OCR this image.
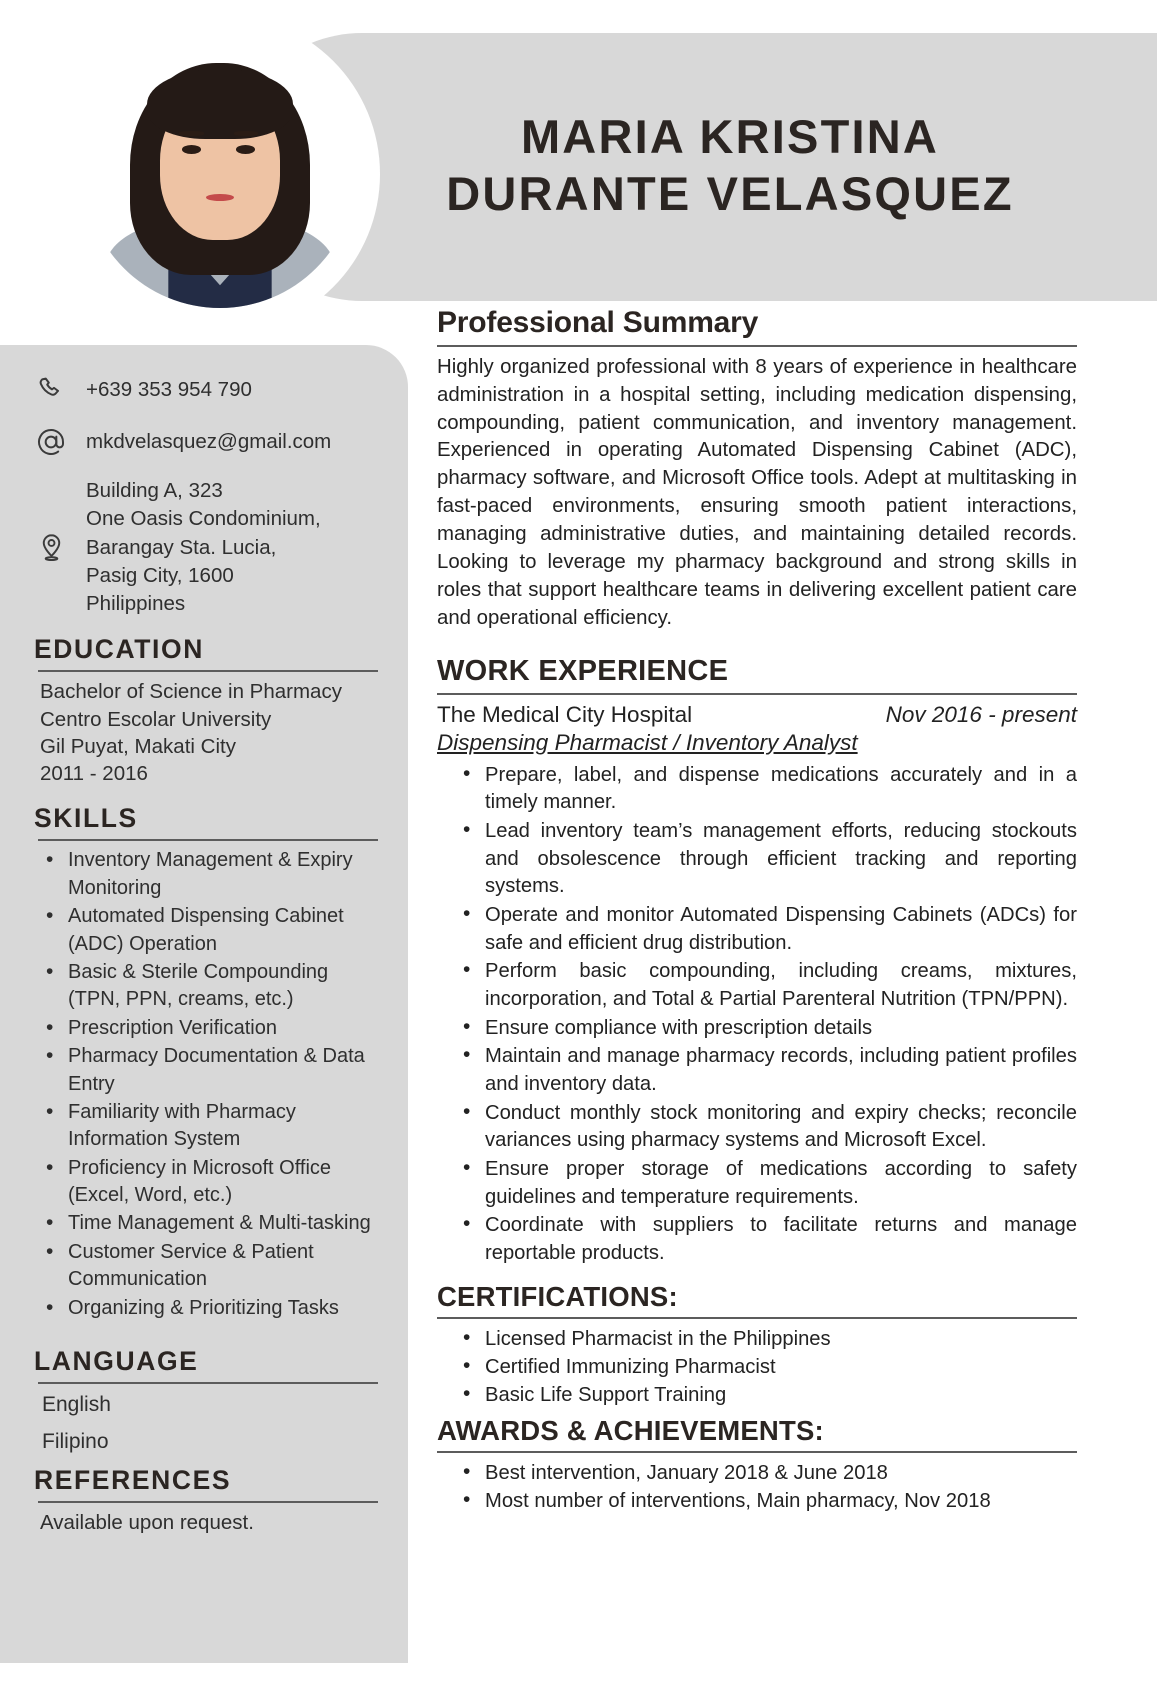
MARIA KRISTINA
DURANTE VELASQUEZ
+639 353 954 790
mkdvelasquez@gmail.com
Building A, 323
One Oasis Condominium,
Barangay Sta. Lucia,
Pasig City, 1600
Philippines
EDUCATION
Bachelor of Science in Pharmacy
Centro Escolar University
Gil Puyat, Makati City
2011 - 2016
SKILLS
• Inventory Management & Expiry Monitoring
• Automated Dispensing Cabinet (ADC) Operation
• Basic & Sterile Compounding (TPN, PPN, creams, etc.)
• Prescription Verification
• Pharmacy Documentation & Data Entry
• Familiarity with Pharmacy Information System
• Proficiency in Microsoft Office (Excel, Word, etc.)
• Time Management & Multi-tasking
• Customer Service & Patient Communication
• Organizing & Prioritizing Tasks
LANGUAGE
English
Filipino
REFERENCES
Available upon request.
Professional Summary
Highly organized professional with 8 years of experience in healthcare administration in a hospital setting, including medication dispensing, compounding, patient communication, and inventory management. Experienced in operating Automated Dispensing Cabinet (ADC), pharmacy software, and Microsoft Office tools. Adept at multitasking in fast-paced environments, ensuring smooth patient interactions, managing administrative duties, and maintaining detailed records. Looking to leverage my pharmacy background and strong skills in roles that support healthcare teams in delivering excellent patient care and operational efficiency.
WORK EXPERIENCE
The Medical City Hospital	Nov 2016 - present
Dispensing Pharmacist / Inventory Analyst
• Prepare, label, and dispense medications accurately and in a timely manner.
• Lead inventory team’s management efforts, reducing stockouts and obsolescence through efficient tracking and reporting systems.
• Operate and monitor Automated Dispensing Cabinets (ADCs) for safe and efficient drug distribution.
• Perform basic compounding, including creams, mixtures, incorporation, and Total & Partial Parenteral Nutrition (TPN/PPN).
• Ensure compliance with prescription details
• Maintain and manage pharmacy records, including patient profiles and inventory data.
• Conduct monthly stock monitoring and expiry checks; reconcile variances using pharmacy systems and Microsoft Excel.
• Ensure proper storage of medications according to safety guidelines and temperature requirements.
• Coordinate with suppliers to facilitate returns and manage reportable products.
CERTIFICATIONS:
• Licensed Pharmacist in the Philippines
• Certified Immunizing Pharmacist
• Basic Life Support Training
AWARDS & ACHIEVEMENTS:
• Best intervention, January 2018 & June 2018
• Most number of interventions, Main pharmacy, Nov 2018
